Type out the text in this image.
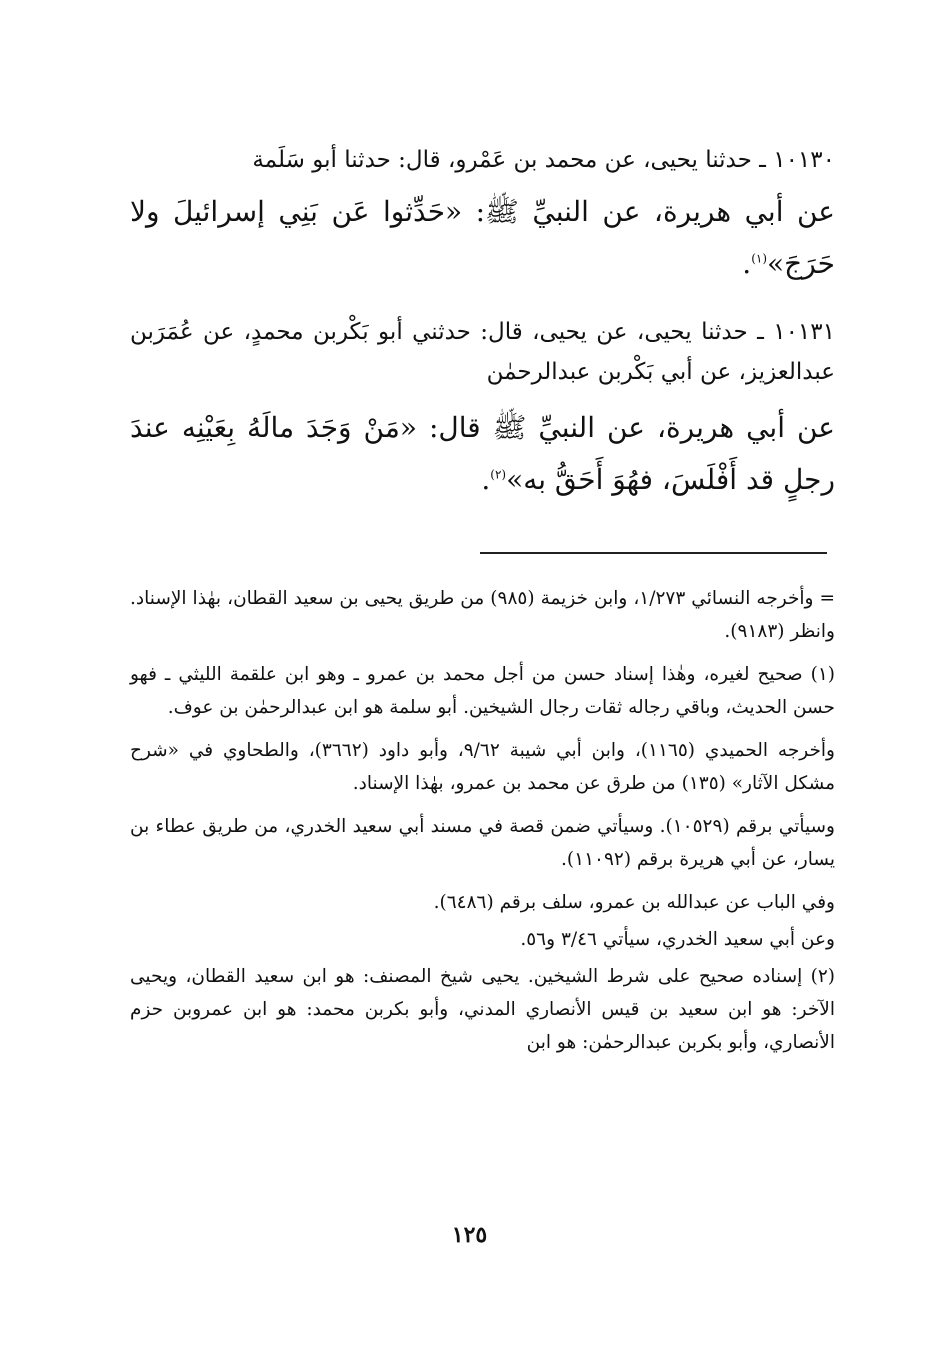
١٠١٣٠ ـ حدثنا يحيى، عن محمد بن عَمْرو، قال: حدثنا أبو سَلَمة

عن أبي هريرة، عن النبيِّ ﷺ: «حَدِّثوا عَن بَنِي إسرائيلَ ولا حَرَجَ»$^{(١)}$.

١٠١٣١ ـ حدثنا يحيى، عن يحيى، قال: حدثني أبو بَكْربن محمدٍ، عن عُمَرَبن عبدالعزيز، عن أبي بَكْربن عبدالرحمٰن

عن أبي هريرة، عن النبيِّ ﷺ قال: «مَنْ وَجَدَ مالَهُ بِعَيْنِه عندَ رجلٍ قد أَفْلَسَ، فهُوَ أَحَقُّ به»$^{(٢)}$.

= وأخرجه النسائي ١/٢٧٣، وابن خزيمة (٩٨٥) من طريق يحيى بن سعيد القطان، بهٰذا الإسناد. وانظر (٩١٨٣).

(١) صحيح لغيره، وهٰذا إسناد حسن من أجل محمد بن عمرو ـ وهو ابن علقمة الليثي ـ فهو حسن الحديث، وباقي رجاله ثقات رجال الشيخين. أبو سلمة هو ابن عبدالرحمٰن بن عوف.

وأخرجه الحميدي (١١٦٥)، وابن أبي شيبة ٩/٦٢، وأبو داود (٣٦٦٢)، والطحاوي في «شرح مشكل الآثار» (١٣٥) من طرق عن محمد بن عمرو، بهٰذا الإسناد.

وسيأتي برقم (١٠٥٢٩). وسيأتي ضمن قصة في مسند أبي سعيد الخدري، من طريق عطاء بن يسار، عن أبي هريرة برقم (١١٠٩٢).

وفي الباب عن عبدالله بن عمرو، سلف برقم (٦٤٨٦).

وعن أبي سعيد الخدري، سيأتي ٣/٤٦ و٥٦.

(٢) إسناده صحيح على شرط الشيخين. يحيى شيخ المصنف: هو ابن سعيد القطان، ويحيى الآخر: هو ابن سعيد بن قيس الأنصاري المدني، وأبو بكربن محمد: هو ابن عمروبن حزم الأنصاري، وأبو بكربن عبدالرحمٰن: هو ابن

١٢٥
